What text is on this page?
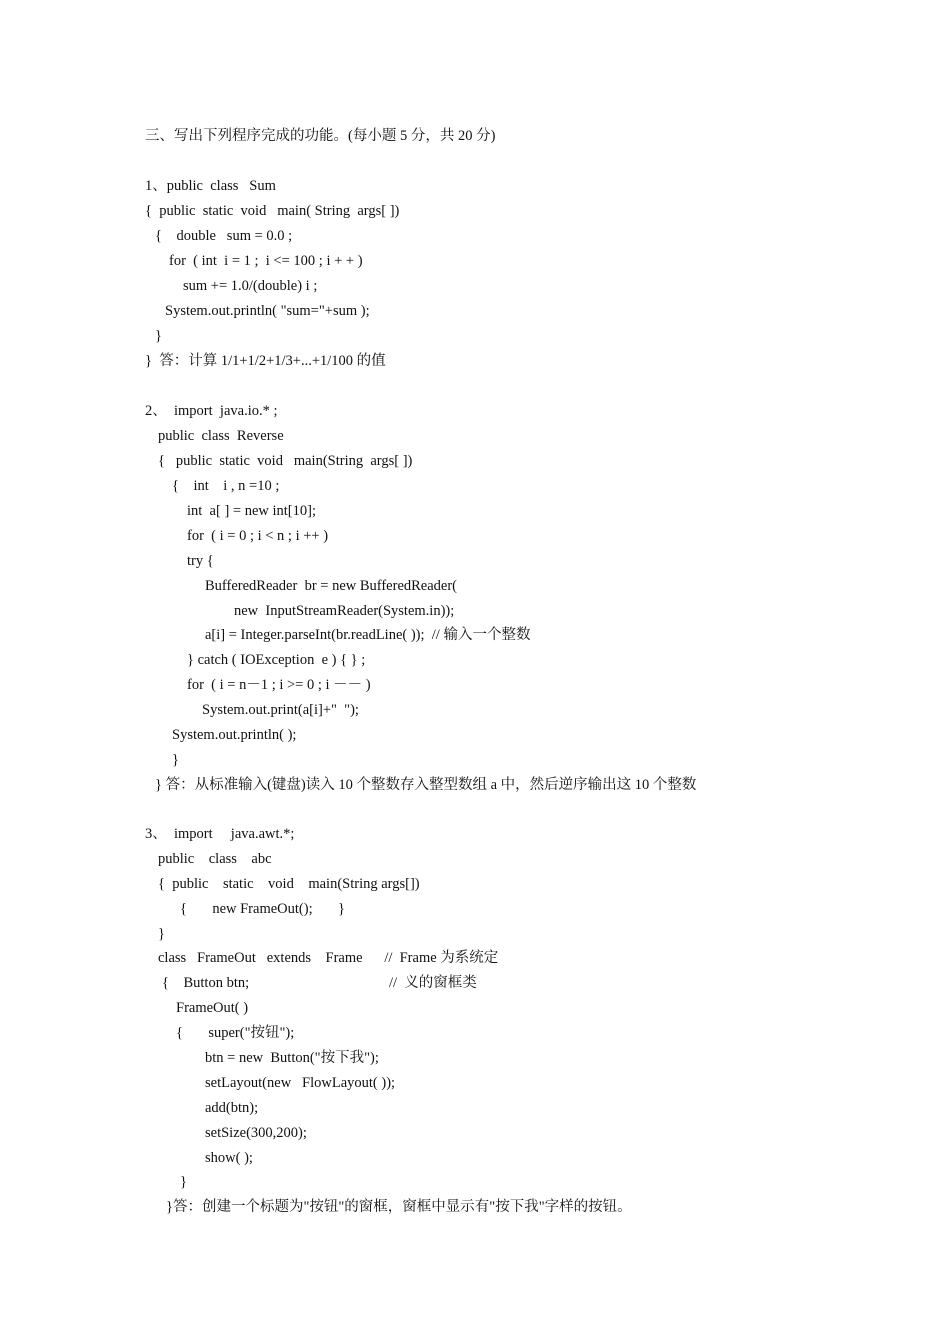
三、写出下列程序完成的功能。(每小题 5 分，共 20 分)
1、public  class   Sum
{  public  static  void   main( String  args[ ])
{    double   sum = 0.0 ;
for  ( int  i = 1 ;  i <= 100 ; i + + )
sum += 1.0/(double) i ;
System.out.println( "sum="+sum );
}
}  答：计算 1/1+1/2+1/3+...+1/100 的值
2、  import  java.io.* ;
public  class  Reverse
{   public  static  void   main(String  args[ ])
{    int    i , n =10 ;
int  a[ ] = new int[10];
for  ( i = 0 ; i < n ; i ++ )
try {
BufferedReader  br = new BufferedReader(
new  InputStreamReader(System.in));
a[i] = Integer.parseInt(br.readLine( ));  // 输入一个整数
} catch ( IOException  e ) { } ;
for  ( i = n－1 ; i >= 0 ; i －－ )
System.out.print(a[i]+"  ");
System.out.println( );
}
} 答：从标准输入(键盘)读入 10 个整数存入整型数组 a 中，然后逆序输出这 10 个整数
3、  import     java.awt.*;
public    class    abc
{  public    static    void    main(String args[])
{       new FrameOut();       }
}
class   FrameOut   extends    Frame      //  Frame 为系统定
{    Button btn;	//  义的窗框类
FrameOut( )
{       super("按钮");
btn = new  Button("按下我");
setLayout(new   FlowLayout( ));
add(btn);
setSize(300,200);
show( );
}
}答：创建一个标题为"按钮"的窗框，窗框中显示有"按下我"字样的按钮。
